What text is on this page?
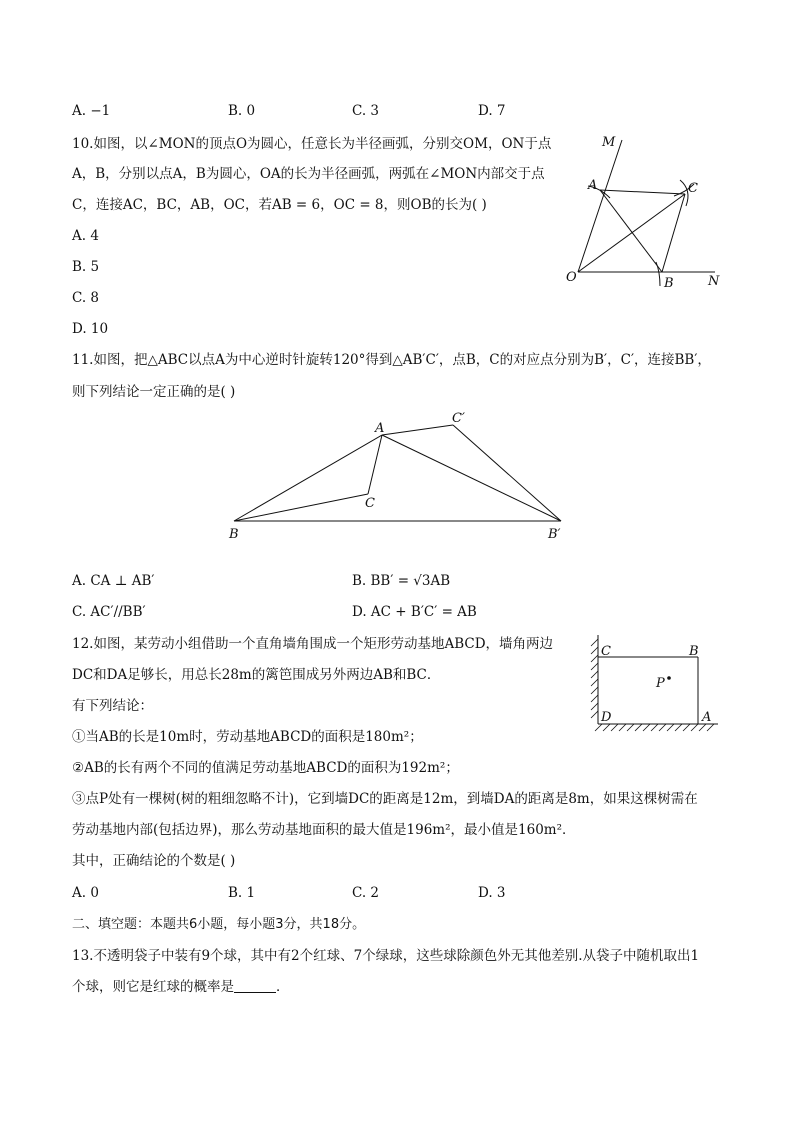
A. −1	B. 0	C. 3	D. 7
10.如图，以∠MON的顶点O为圆心，任意长为半径画弧，分别交OM，ON于点
A，B，分别以点A，B为圆心，OA的长为半径画弧，两弧在∠MON内部交于点
C，连接AC，BC，AB，OC，若AB = 6，OC = 8，则OB的长为( )
A. 4
B. 5
C. 8
D. 10
M
A	C
O	B	N
11.如图，把△ABC以点A为中心逆时针旋转120°得到△AB′C′，点B，C的对应点分别为B′，C′，连接BB′，
则下列结论一定正确的是( )
A
C′
C
B	B′
A. CA ⊥ AB′	B. BB′ = √3AB
C. AC′//BB′	D. AC + B′C′ = AB
12.如图，某劳动小组借助一个直角墙角围成一个矩形劳动基地ABCD，墙角两边
DC和DA足够长，用总长28m的篱笆围成另外两边AB和BC．
有下列结论：
①当AB的长是10m时，劳动基地ABCD的面积是180m²；
②AB的长有两个不同的值满足劳动基地ABCD的面积为192m²；
③点P处有一棵树(树的粗细忽略不计)，它到墙DC的距离是12m，到墙DA的距离是8m，如果这棵树需在
劳动基地内部(包括边界)，那么劳动基地面积的最大值是196m²，最小值是160m²．
其中，正确结论的个数是( )
A. 0	B. 1	C. 2	D. 3
C	B
P
D	A
二、填空题：本题共6小题，每小题3分，共18分。
13.不透明袋子中装有9个球，其中有2个红球、7个绿球，这些球除颜色外无其他差别.从袋子中随机取出1
个球，则它是红球的概率是	．
